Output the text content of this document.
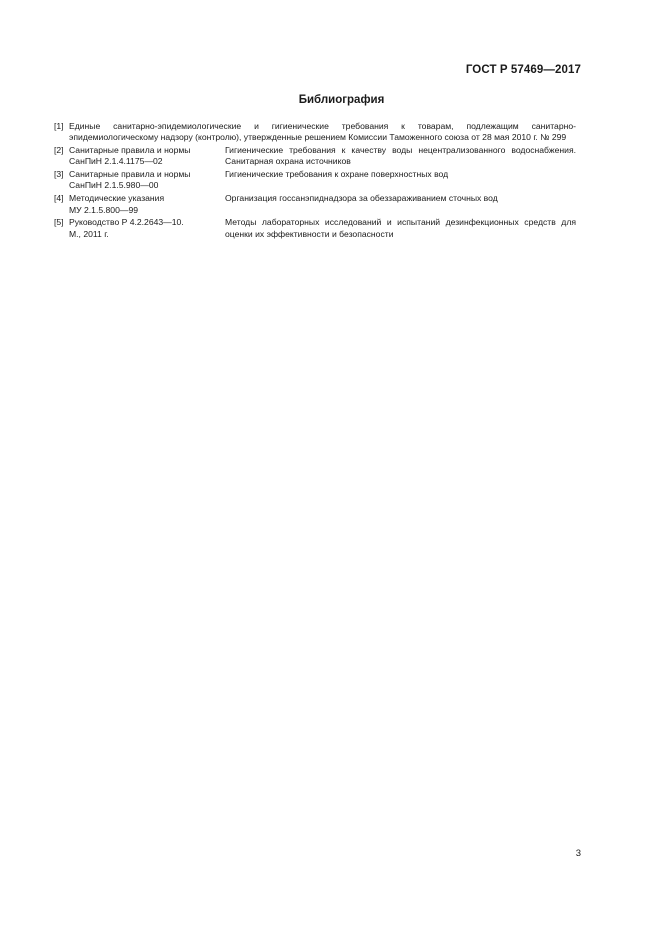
ГОСТ Р 57469—2017
Библиография
[1] Единые санитарно-эпидемиологические и гигиенические требования к товарам, подлежащим санитарно-эпидемиологическому надзору (контролю), утвержденные решением Комиссии Таможенного союза от 28 мая 2010 г. № 299
[2] Санитарные правила и нормы
СанПиН 2.1.4.1175—02
Гигиенические требования к качеству воды нецентрализованного водоснабжения. Санитарная охрана источников
[3] Санитарные правила и нормы
СанПиН 2.1.5.980—00
Гигиенические требования к охране поверхностных вод
[4] Методические указания
МУ 2.1.5.800—99
Организация госсанэпиднадзора за обеззараживанием сточных вод
[5] Руководство Р 4.2.2643—10.
М., 2011 г.
Методы лабораторных исследований и испытаний дезинфекционных средств для оценки их эффективности и безопасности
3
